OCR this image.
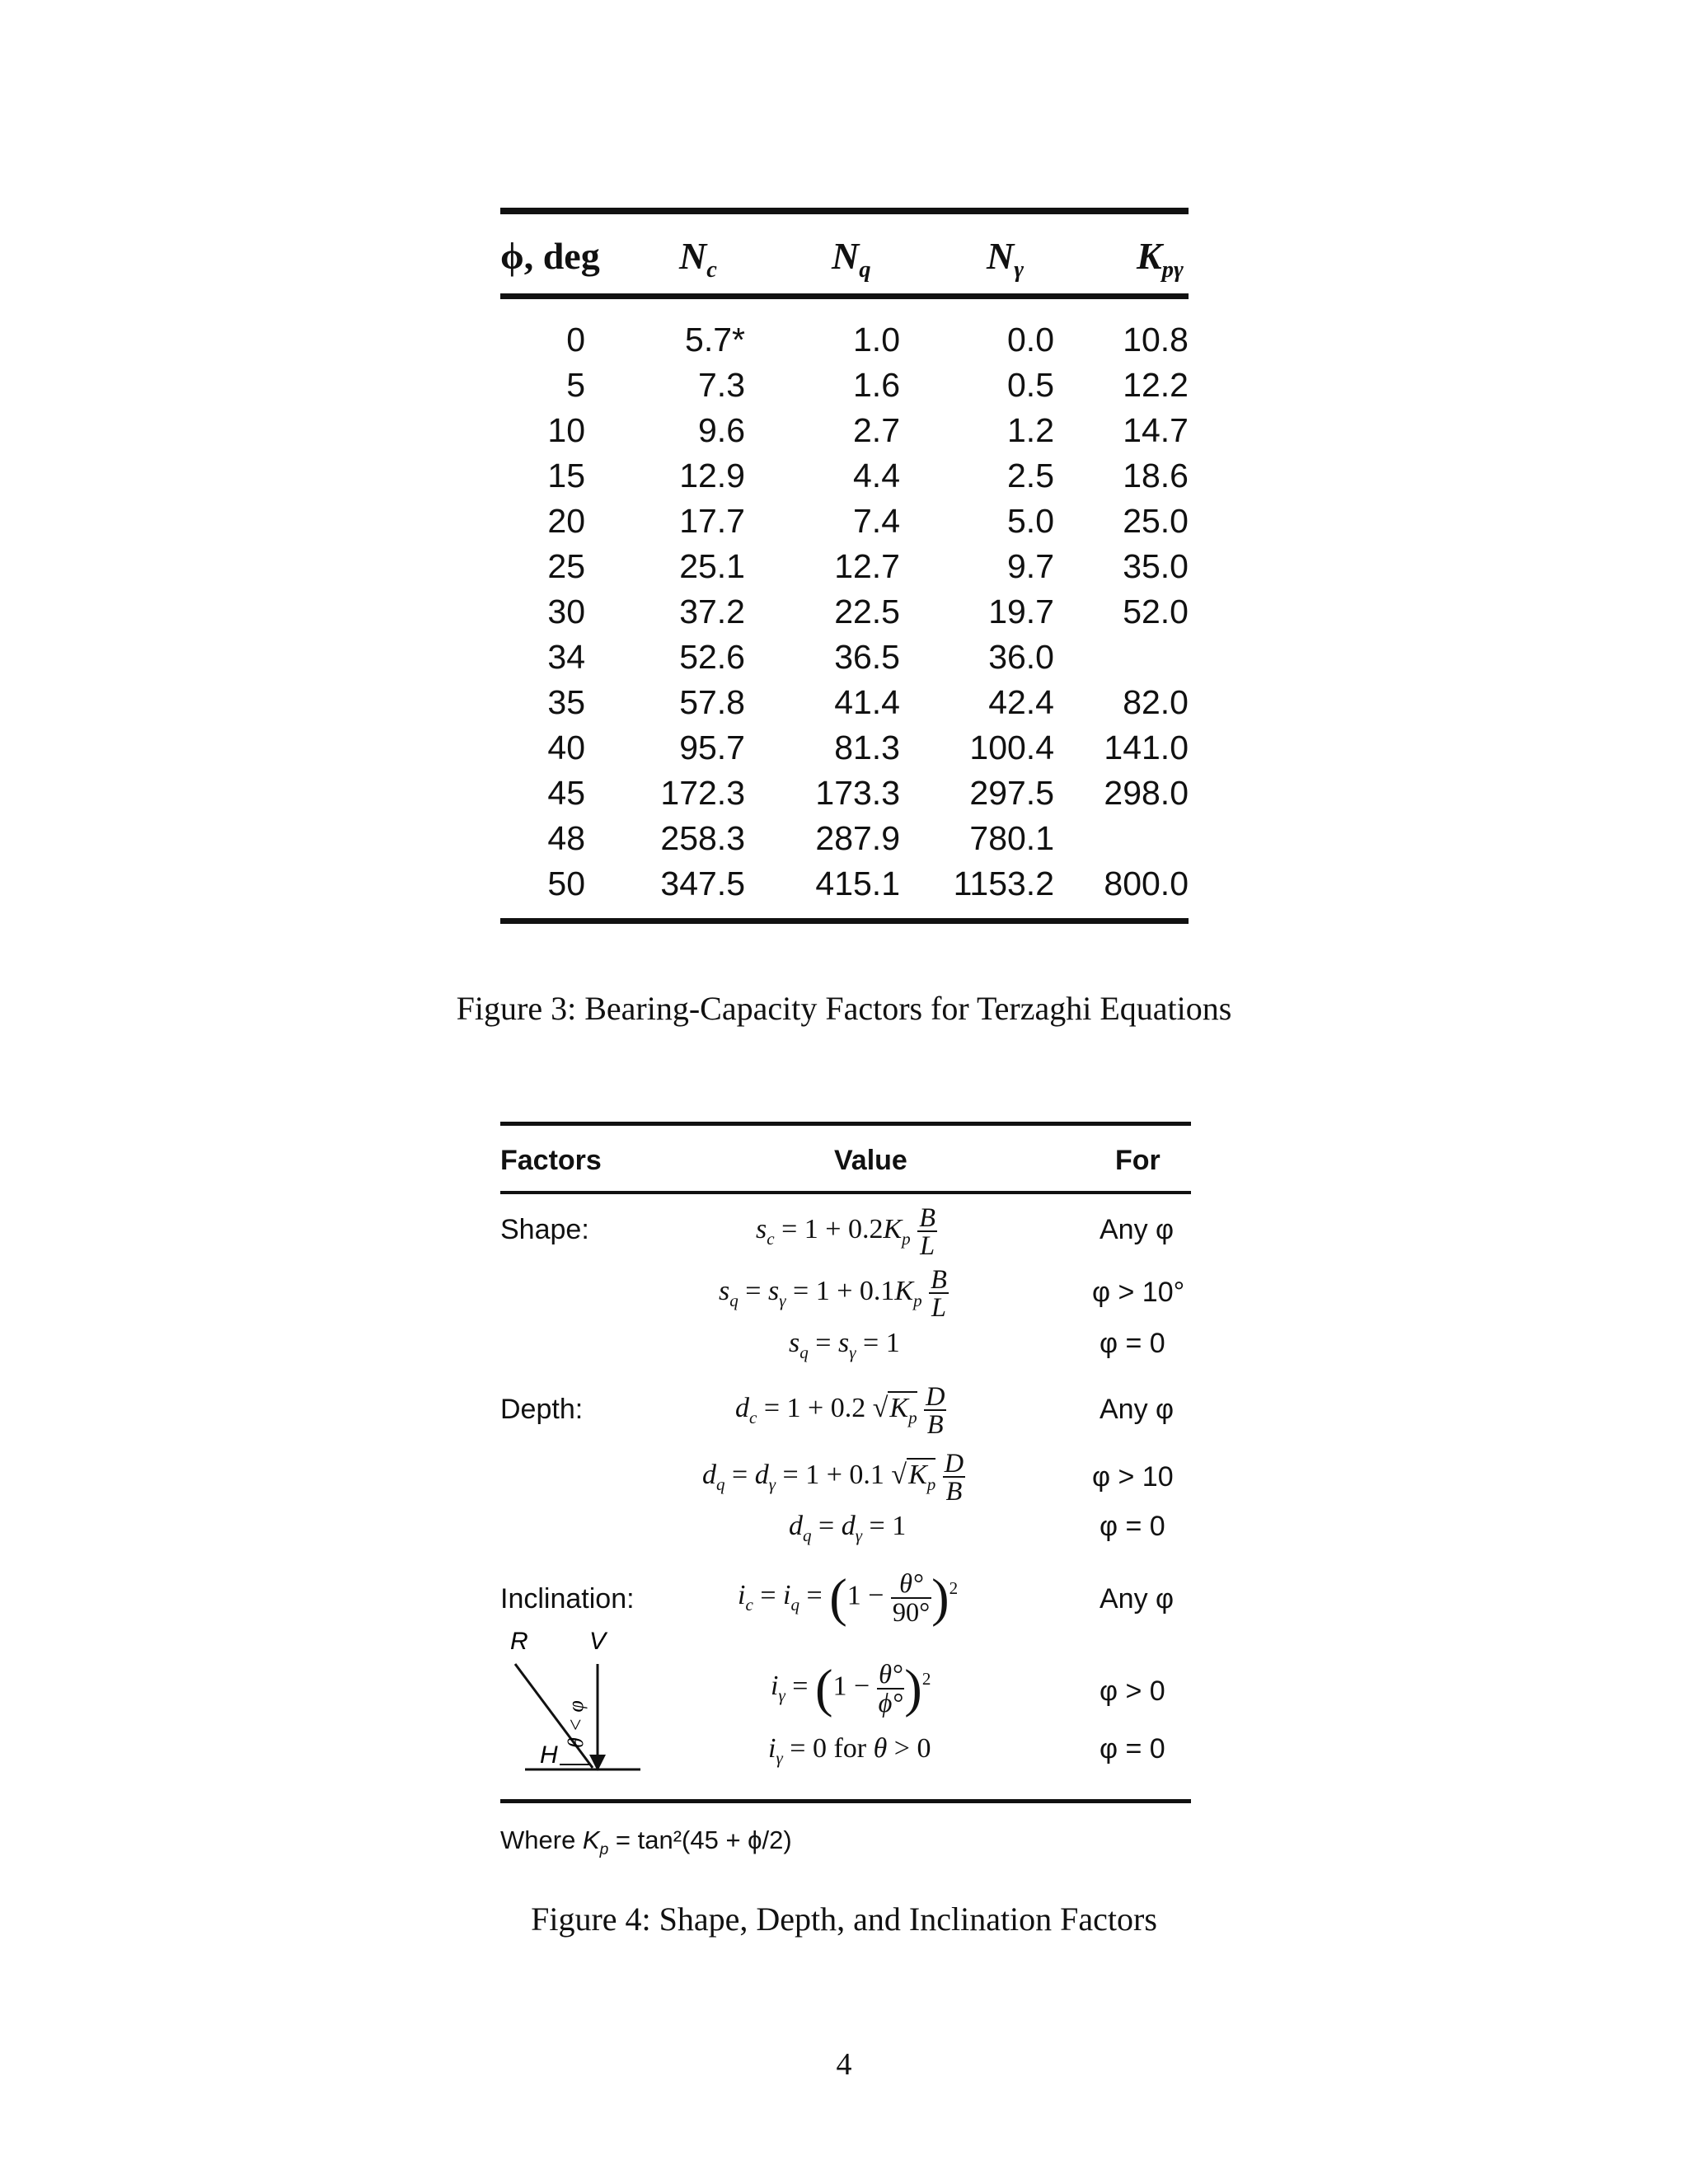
ϕ, deg $N_c$	$N_q$	$N_\gamma$	$K_{p\gamma}$
0	5.7*	1.0	0.0 10.8
5	7.3	1.6	0.5 12.2
10	9.6	2.7	1.2 14.7
15	12.9	4.4	2.5 18.6
20	17.7	7.4	5.0 25.0
25	25.1	12.7	9.7 35.0
30	37.2	22.5	19.7 52.0
34	52.6	36.5	36.0
35	57.8	41.4	42.4 82.0
40	95.7	81.3 100.4 141.0
45 172.3 173.3 297.5 298.0
48 258.3 287.9 780.1
50 347.5 415.1 1153.2 800.0
Figure 3: Bearing-Capacity Factors for Terzaghi Equations
Factors	Value	For
Shape:	$s_c = 1 + 0.2K_p \frac{B}{L}$	Any φ
$s_q = s_\gamma = 1 + 0.1K_p \frac{B}{L}$	φ > 10°
$s_q = s_\gamma = 1$	φ = 0
Depth:	$d_c = 1 + 0.2$ $√K_p \frac{D}{B}$	Any φ
$d_q = d_\gamma = 1 + 0.1$ $√K_p \frac{D}{B}$	φ > 10
$d_q = d_\gamma = 1$	φ = 0
Inclination:	$i_c = i_q = (1 - \frac{\theta^\circ}{90^\circ} )^2$	Any φ
$i_\gamma = (1 - \frac{\theta^\circ}{\phi^\circ} )^2$	φ > 0
$i_\gamma = 0$ for θ > 0	φ = 0
R V
H
θ < φ
Where $K_p = \tan^2(45 + \phi/2)$
Figure 4: Shape, Depth, and Inclination Factors
4
